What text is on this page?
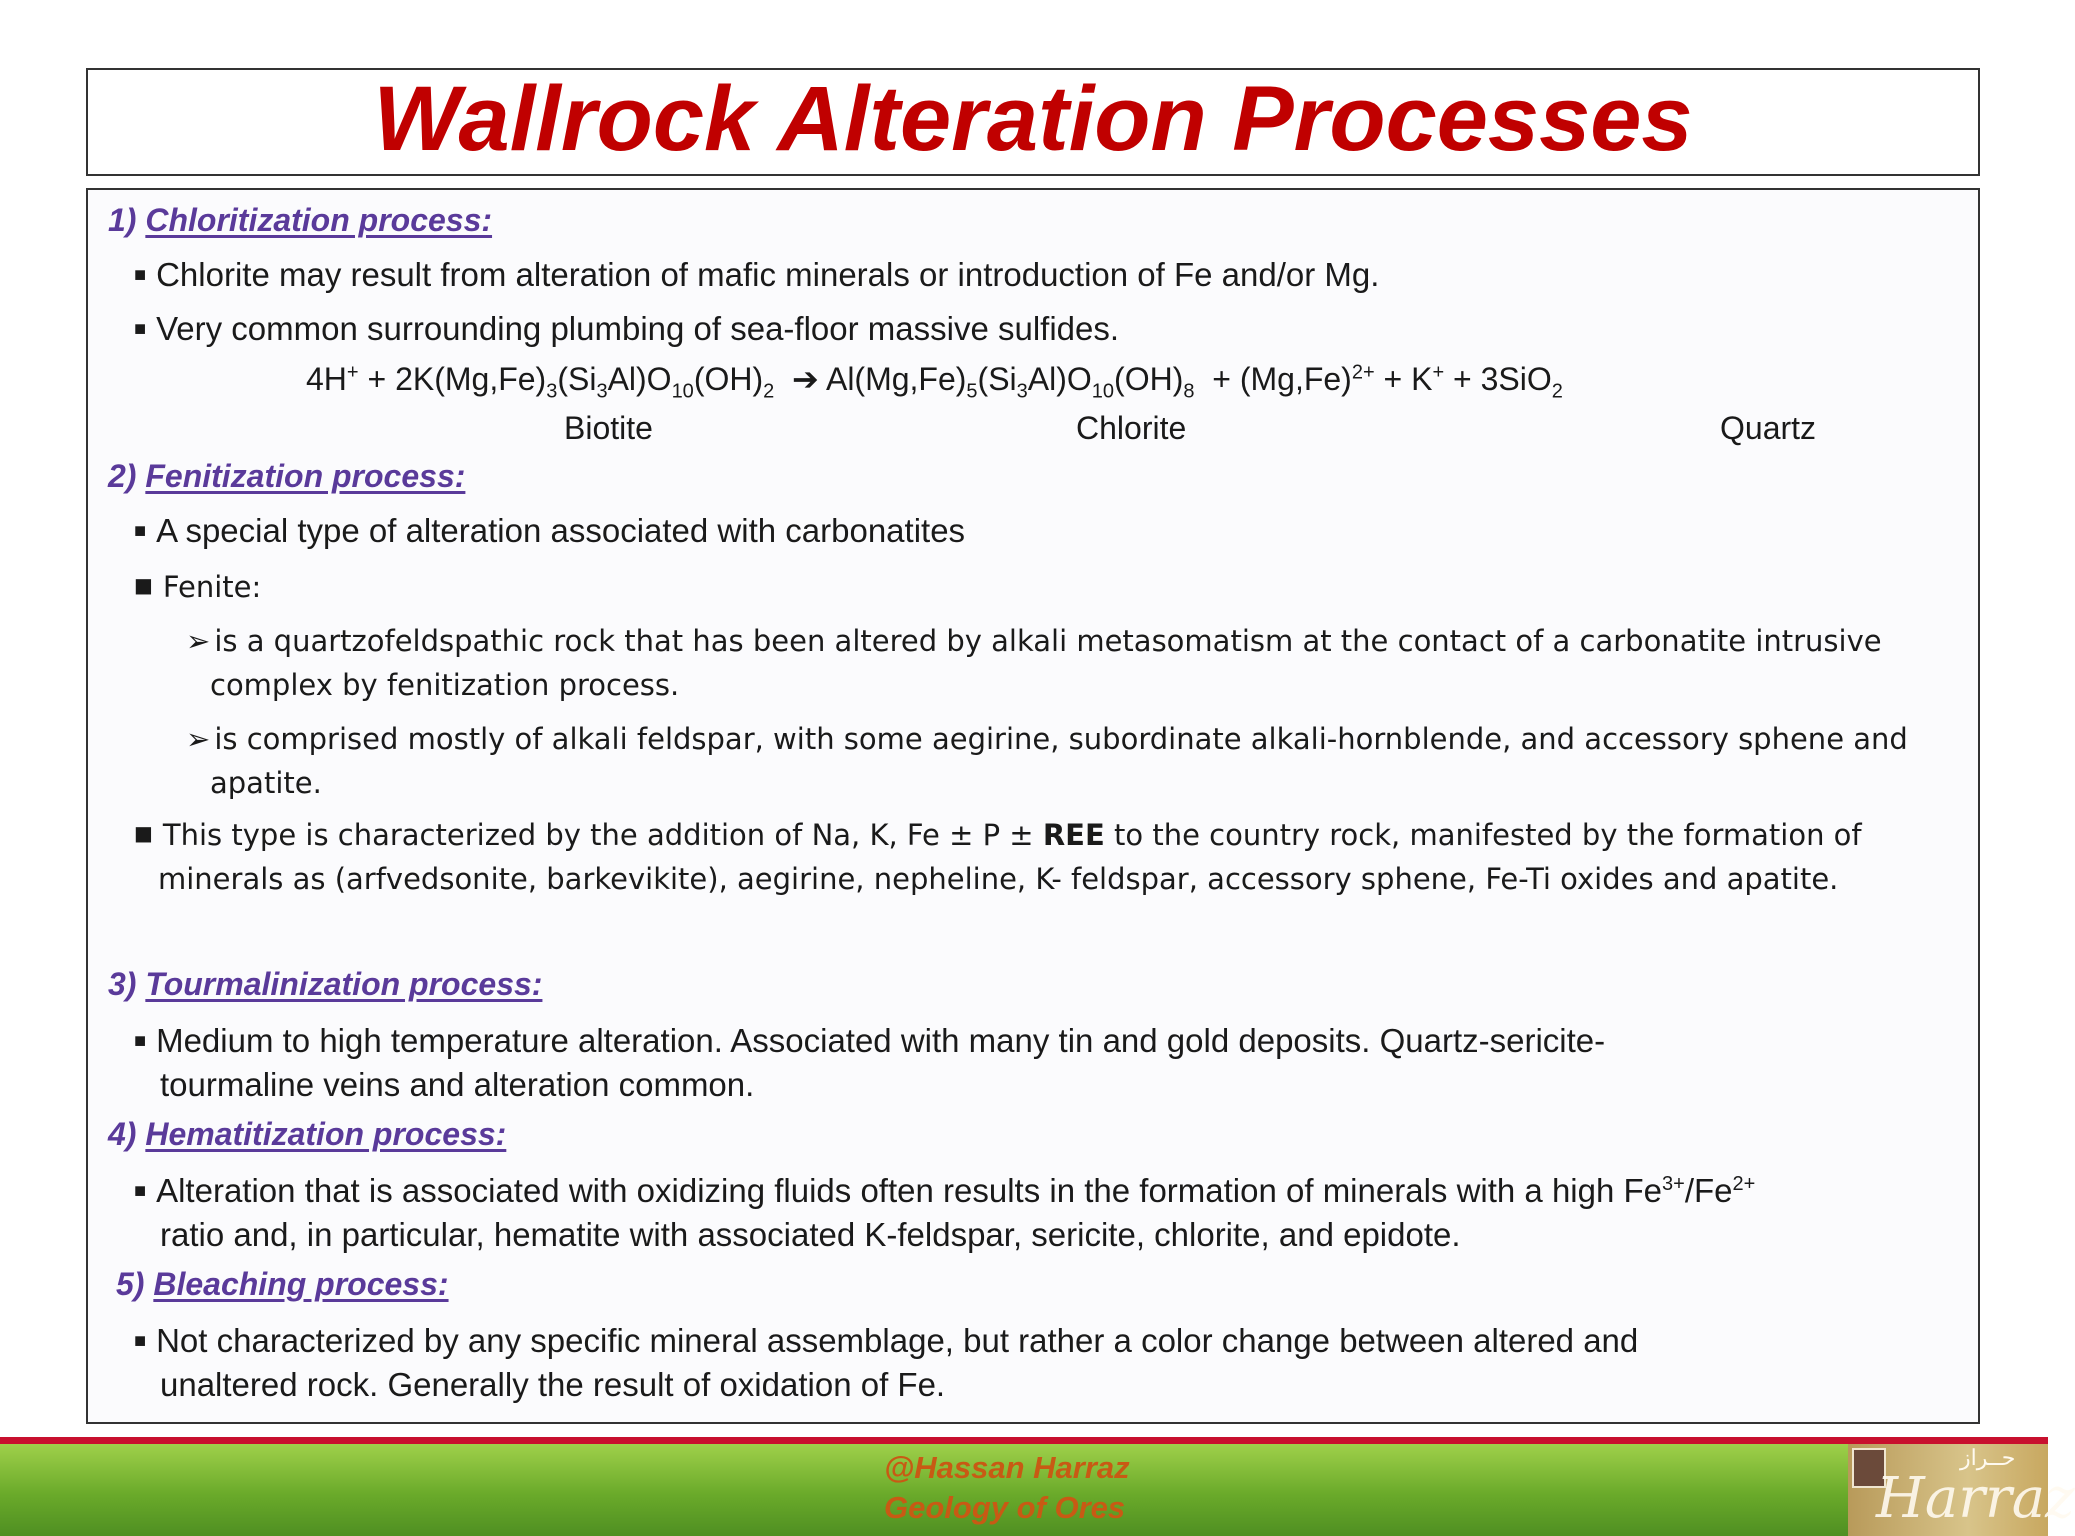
Wallrock Alteration Processes
1) Chloritization process:
■ Chlorite may result from alteration of mafic minerals or introduction of Fe and/or Mg.
■ Very common surrounding plumbing of sea-floor massive sulfides.
$4H^+ + 2K(Mg,Fe)_3(Si_3Al)O_{10}(OH)_2$ ➔ $Al(Mg,Fe)_5(Si_3Al)O_{10}(OH)_8 + (Mg,Fe)^{2+} + K^+ + 3SiO_2$
Biotite	Chlorite	Quartz
2) Fenitization process:
■ A special type of alteration associated with carbonatites
■ Fenite:
➢ is a quartzofeldspathic rock that has been altered by alkali metasomatism at the contact of a carbonatite intrusive
complex by fenitization process.
➢ is comprised mostly of alkali feldspar, with some aegirine, subordinate alkali-hornblende, and accessory sphene and
apatite.
■ This type is characterized by the addition of Na, K, Fe ± P ± REE to the country rock, manifested by the formation of
minerals as (arfvedsonite, barkevikite), aegirine, nepheline, K- feldspar, accessory sphene, Fe-Ti oxides and apatite.
3) Tourmalinization process:
■ Medium to high temperature alteration. Associated with many tin and gold deposits. Quartz-sericite-
tourmaline veins and alteration common.
4) Hematitization process:
■ Alteration that is associated with oxidizing fluids often results in the formation of minerals with a high $Fe^{3+}/Fe^{2+}$
ratio and, in particular, hematite with associated K-feldspar, sericite, chlorite, and epidote.
5) Bleaching process:
■ Not characterized by any specific mineral assemblage, but rather a color change between altered and
unaltered rock. Generally the result of oxidation of Fe.
@Hassan Harraz
Geology of Ores
حــراز
Harraz
